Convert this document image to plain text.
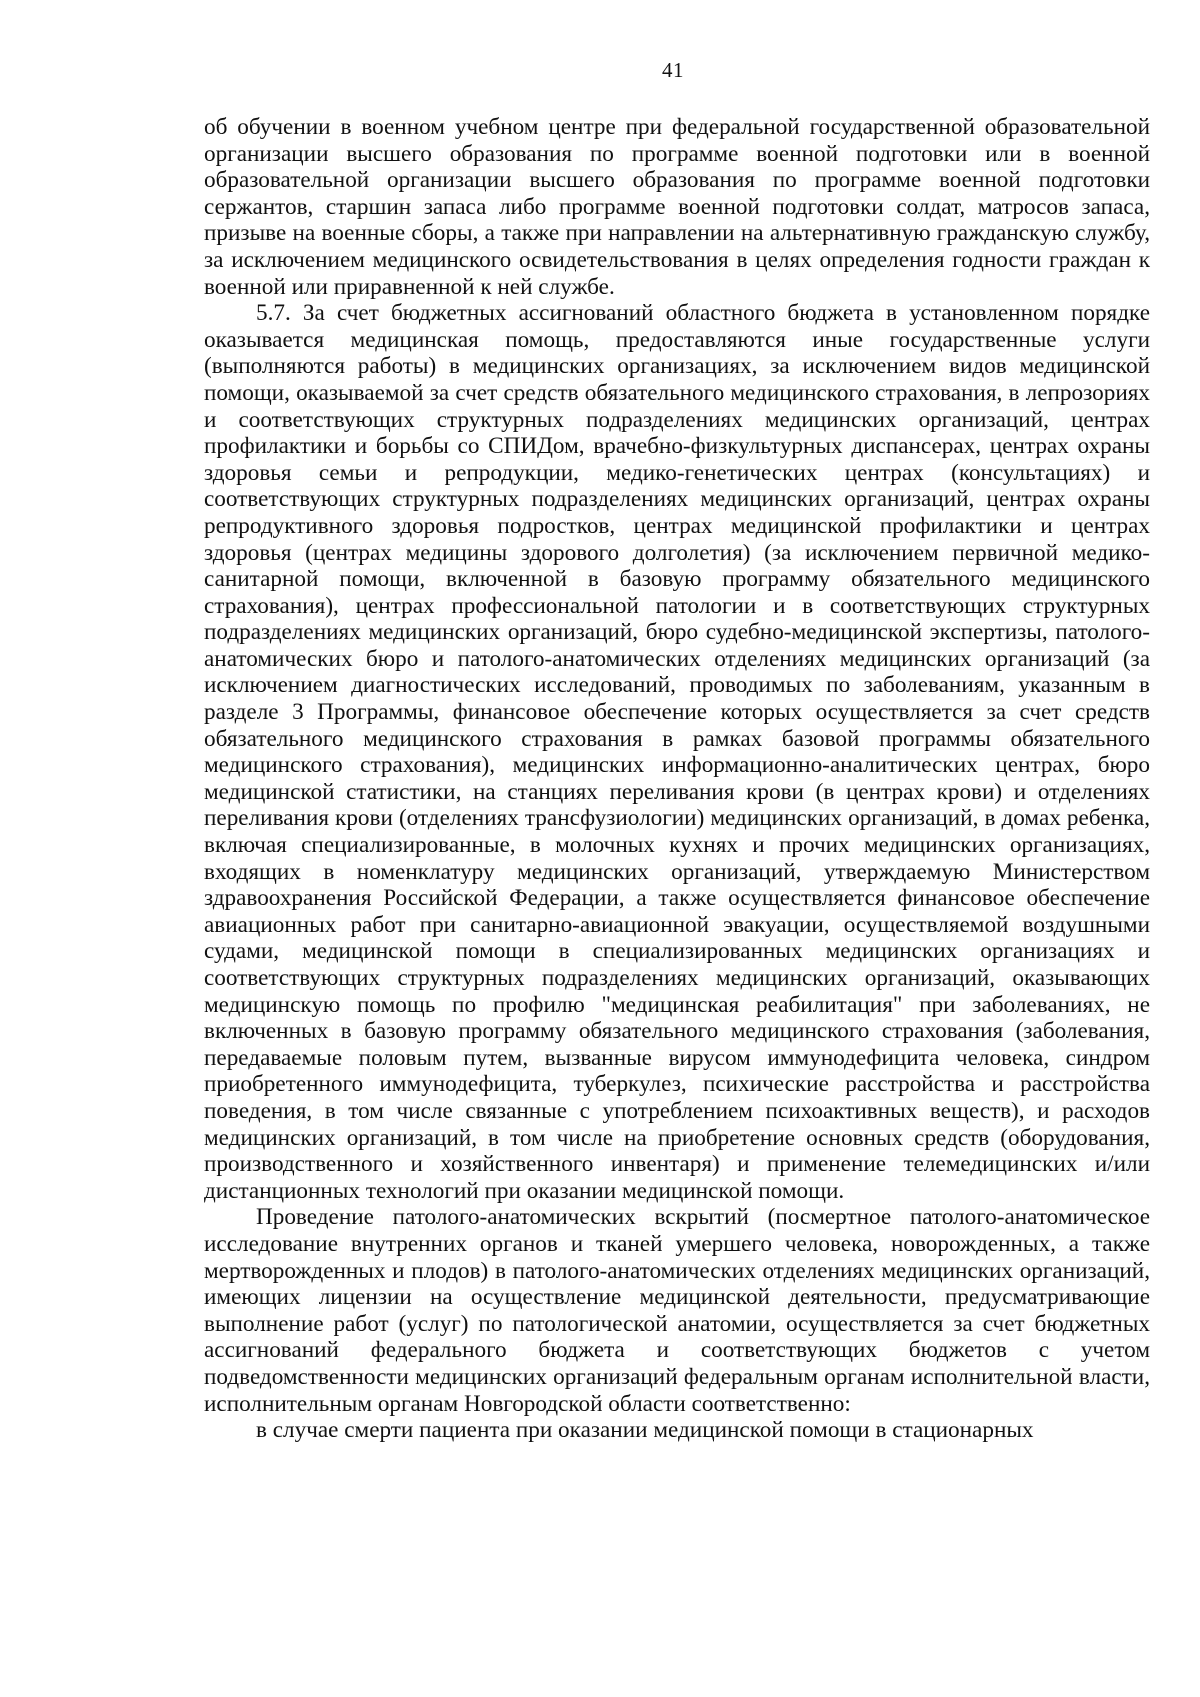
41

об обучении в военном учебном центре при федеральной государственной образовательной организации высшего образования по программе военной подготовки или в военной образовательной организации высшего образования по программе военной подготовки сержантов, старшин запаса либо программе военной подготовки солдат, матросов запаса, призыве на военные сборы, а также при направлении на альтернативную гражданскую службу, за исключением медицинского освидетельствования в целях определения годности граждан к военной или приравненной к ней службе.

5.7. За счет бюджетных ассигнований областного бюджета в установленном порядке оказывается медицинская помощь, предоставляются иные государственные услуги (выполняются работы) в медицинских организациях, за исключением видов медицинской помощи, оказываемой за счет средств обязательного медицинского страхования, в лепрозориях и соответствующих структурных подразделениях медицинских организаций, центрах профилактики и борьбы со СПИДом, врачебно-физкультурных диспансерах, центрах охраны здоровья семьи и репродукции, медико-генетических центрах (консультациях) и соответствующих структурных подразделениях медицинских организаций, центрах охраны репродуктивного здоровья подростков, центрах медицинской профилактики и центрах здоровья (центрах медицины здорового долголетия) (за исключением первичной медико-санитарной помощи, включенной в базовую программу обязательного медицинского страхования), центрах профессиональной патологии и в соответствующих структурных подразделениях медицинских организаций, бюро судебно-медицинской экспертизы, патолого-анатомических бюро и патолого-анатомических отделениях медицинских организаций (за исключением диагностических исследований, проводимых по заболеваниям, указанным в разделе 3 Программы, финансовое обеспечение которых осуществляется за счет средств обязательного медицинского страхования в рамках базовой программы обязательного медицинского страхования), медицинских информационно-аналитических центрах, бюро медицинской статистики, на станциях переливания крови (в центрах крови) и отделениях переливания крови (отделениях трансфузиологии) медицинских организаций, в домах ребенка, включая специализированные, в молочных кухнях и прочих медицинских организациях, входящих в номенклатуру медицинских организаций, утверждаемую Министерством здравоохранения Российской Федерации, а также осуществляется финансовое обеспечение авиационных работ при санитарно-авиационной эвакуации, осуществляемой воздушными судами, медицинской помощи в специализированных медицинских организациях и соответствующих структурных подразделениях медицинских организаций, оказывающих медицинскую помощь по профилю "медицинская реабилитация" при заболеваниях, не включенных в базовую программу обязательного медицинского страхования (заболевания, передаваемые половым путем, вызванные вирусом иммунодефицита человека, синдром приобретенного иммунодефицита, туберкулез, психические расстройства и расстройства поведения, в том числе связанные с употреблением психоактивных веществ), и расходов медицинских организаций, в том числе на приобретение основных средств (оборудования, производственного и хозяйственного инвентаря) и применение телемедицинских и/или дистанционных технологий при оказании медицинской помощи.

Проведение патолого-анатомических вскрытий (посмертное патолого-анатомическое исследование внутренних органов и тканей умершего человека, новорожденных, а также мертворожденных и плодов) в патолого-анатомических отделениях медицинских организаций, имеющих лицензии на осуществление медицинской деятельности, предусматривающие выполнение работ (услуг) по патологической анатомии, осуществляется за счет бюджетных ассигнований федерального бюджета и соответствующих бюджетов с учетом подведомственности медицинских организаций федеральным органам исполнительной власти, исполнительным органам Новгородской области соответственно:

в случае смерти пациента при оказании медицинской помощи в стационарных
